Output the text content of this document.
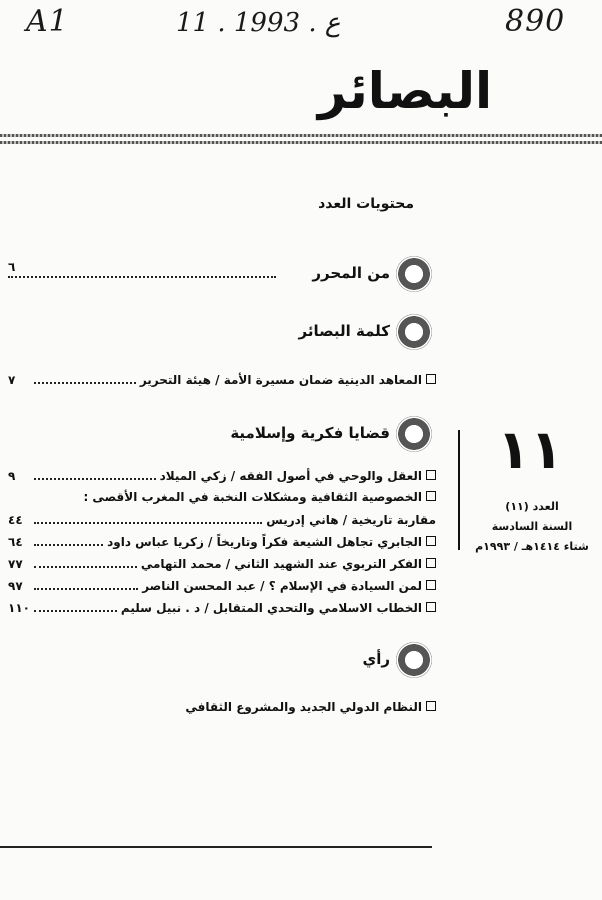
A1	11 . ع . 1993	890
البصائر
محتويات العدد
من المحرر
٦
كلمة البصائر
المعاهد الدينية ضمان مسيرة الأمة / هيئة التحرير
٧
قضايا فكرية وإسلامية
العقل والوحي في أصول الفقه / زكي الميلاد
٩
الخصوصية الثقافية ومشكلات النخبة في المغرب الأقصى :
مقاربة تاريخية / هاني إدريس
٤٤
الجابري تجاهل الشيعة فكراً وتاريخاً / زكريا عباس داود
٦٤
الفكر التربوي عند الشهيد الثاني / محمد التهامي
٧٧
لمن السيادة في الإسلام ؟ / عبد المحسن الناصر
٩٧
الخطاب الاسلامي والتحدي المتقابل / د . نبيل سليم
١١٠
١١
العدد (١١)
السنة السادسة
شتاء ١٤١٤هـ / ١٩٩٣م
رأي
النظام الدولي الجديد والمشروع الثقافي
